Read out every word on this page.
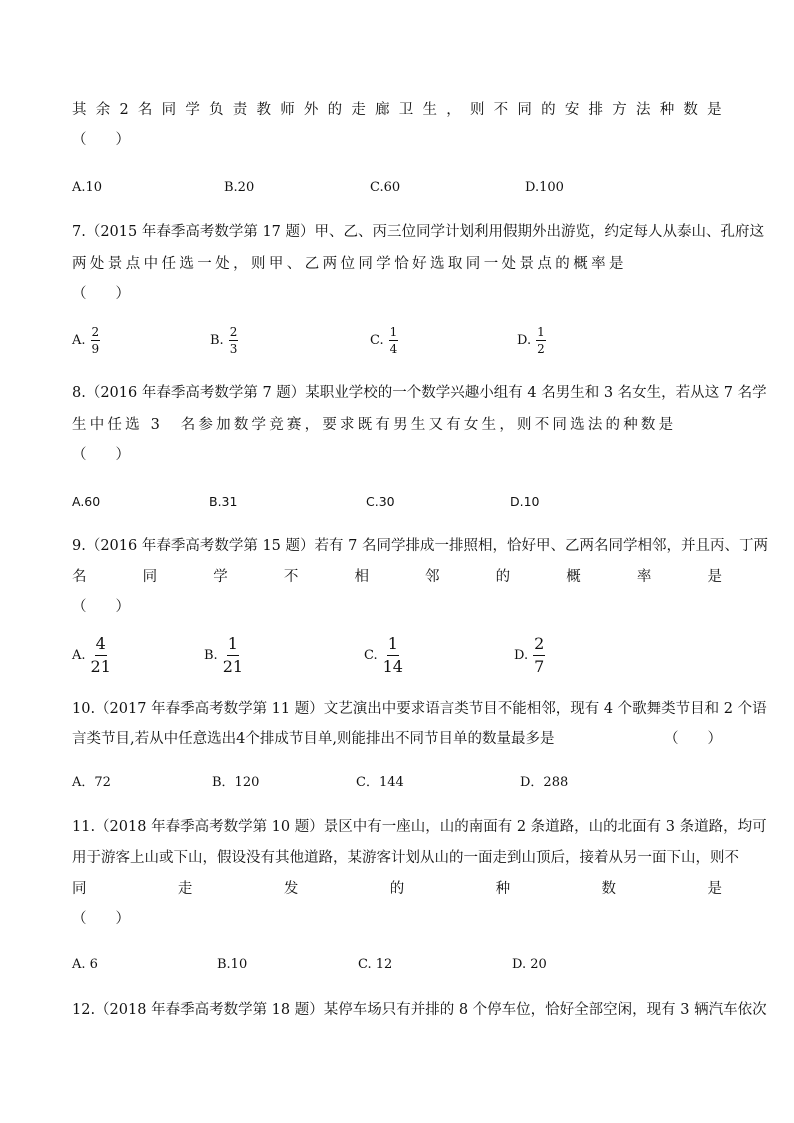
其 余 2 名 同 学 负 责 教 师 外 的 走 廊 卫 生 ， 则 不 同 的 安 排 方 法 种 数 是
（　　）
A.10	B.20	C.60	D.100
7.（2015 年春季高考数学第 17 题）甲、乙、丙三位同学计划利用假期外出游览，约定每人从泰山、孔府这
两处景点中任选一处，则甲、乙两位同学恰好选取同一处景点的概率是
（　　）
A. $\frac{2}{9}$	B. $\frac{2}{3}$	C. $\frac{1}{4}$	D. $\frac{1}{2}$
8.（2016 年春季高考数学第 7 题）某职业学校的一个数学兴趣小组有 4 名男生和 3 名女生，若从这 7 名学
生中任选 3　名参加数学竞赛，要求既有男生又有女生，则不同选法的种数是
（　　）
A.60	B.31	C.30	D.10
9.（2016 年春季高考数学第 15 题）若有 7 名同学排成一排照相，恰好甲、乙两名同学相邻，并且丙、丁两
名	同	学	不	相	邻	的	概	率	是
（　　）
A. $\frac{4}{21}$	B. $\frac{1}{21}$	C. $\frac{1}{14}$	D. $\frac{2}{7}$
10.（2017 年春季高考数学第 11 题）文艺演出中要求语言类节目不能相邻，现有 4 个歌舞类节目和 2 个语
言类节目,若从中任意选出4个排成节目单,则能排出不同节目单的数量最多是	（　　）
A．72	B．120	C．144	D．288
11.（2018 年春季高考数学第 10 题）景区中有一座山，山的南面有 2 条道路，山的北面有 3 条道路，均可
用于游客上山或下山，假设没有其他道路，某游客计划从山的一面走到山顶后，接着从另一面下山，则不
同	走	发	的	种	数	是
（　　）
A. 6	B.10	C. 12	D. 20
12.（2018 年春季高考数学第 18 题）某停车场只有并排的 8 个停车位，恰好全部空闲，现有 3 辆汽车依次
